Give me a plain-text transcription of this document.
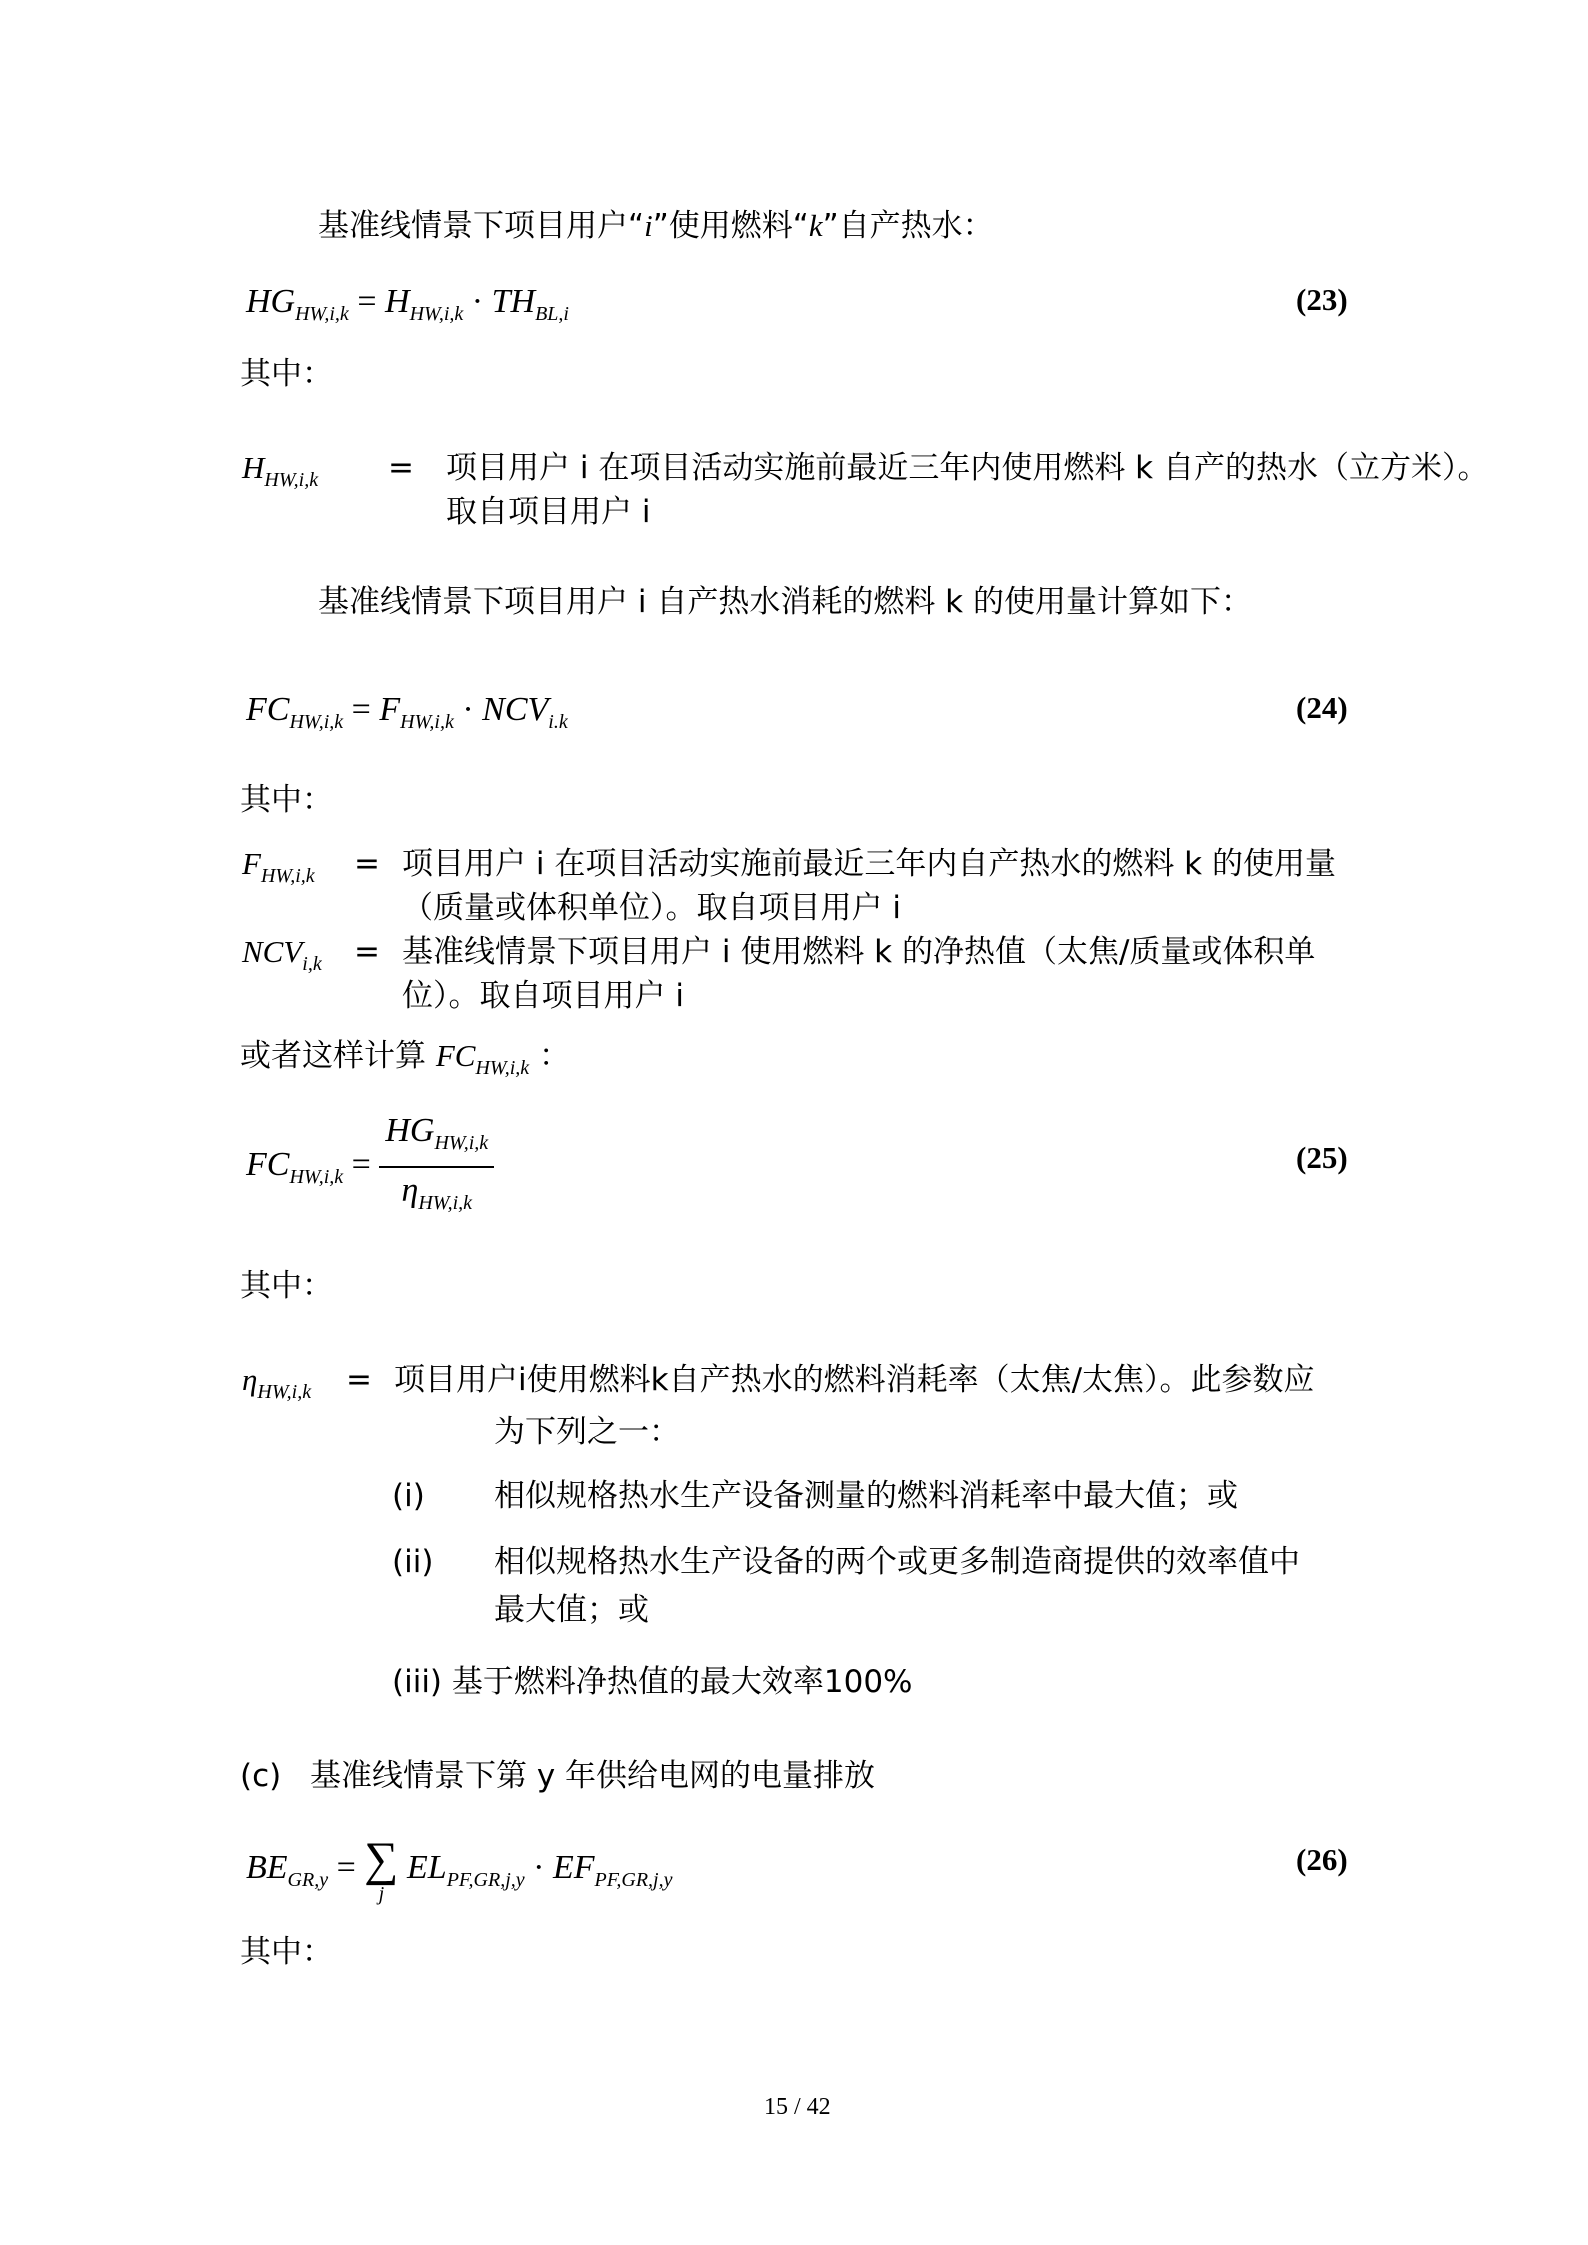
基准线情景下项目用户“i”使用燃料“k”自产热水：
$HG_{HW,i,k} = H_{HW,i,k} \cdot TH_{BL,i}$	(23)
其中：
$H_{HW,i,k}$ = 项目用户 i 在项目活动实施前最近三年内使用燃料 k 自产的热水（立方米）。
取自项目用户 i
基准线情景下项目用户 i 自产热水消耗的燃料 k 的使用量计算如下：
$FC_{HW,i,k} = F_{HW,i,k} \cdot NCV_{i.k}$	(24)
其中：
$F_{HW,i,k}$ = 项目用户 i 在项目活动实施前最近三年内自产热水的燃料 k 的使用量
（质量或体积单位）。取自项目用户 i
$NCV_{i,k}$ = 基准线情景下项目用户 i 使用燃料 k 的净热值（太焦/质量或体积单
位）。取自项目用户 i
或者这样计算 $FC_{HW,i,k}$ ：
$FC_{HW,i,k} = \frac{HG_{HW,i,k}}{\eta_{HW,i,k}}$	(25)
其中：
$\eta_{HW,i,k}$ = 项目用户i使用燃料k自产热水的燃料消耗率（太焦/太焦）。此参数应
为下列之一：
(i) 相似规格热水生产设备测量的燃料消耗率中最大值；或
(ii) 相似规格热水生产设备的两个或更多制造商提供的效率值中
最大值；或
(iii) 基于燃料净热值的最大效率100%
(c) 基准线情景下第 y 年供给电网的电量排放
$BE_{GR,y}$ = ∑
j
$EL_{PF,GR,j,y} \cdot EF_{PF,GR,j,y}$
(26)
其中：
15 / 42
